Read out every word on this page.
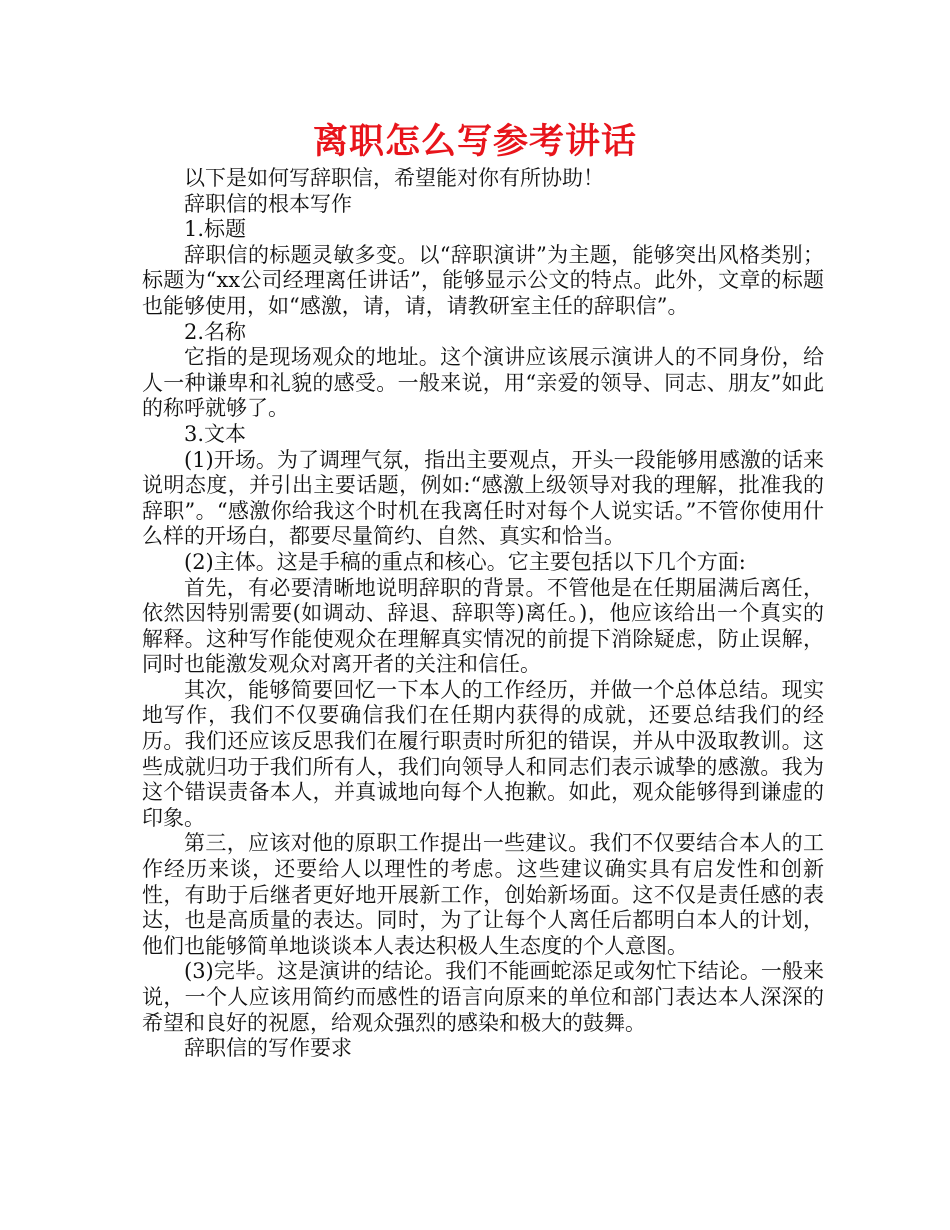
离职怎么写参考讲话

以下是如何写辞职信，希望能对你有所协助！

辞职信的根本写作

1.标题

辞职信的标题灵敏多变。以“辞职演讲”为主题，能够突出风格类别；标题为“xx公司经理离任讲话”，能够显示公文的特点。此外，文章的标题也能够使用，如“感激，请，请，请教研室主任的辞职信”。

2.名称

它指的是现场观众的地址。这个演讲应该展示演讲人的不同身份，给人一种谦卑和礼貌的感受。一般来说，用“亲爱的领导、同志、朋友”如此的称呼就够了。

3.文本

(1)开场。为了调理气氛，指出主要观点，开头一段能够用感激的话来说明态度，并引出主要话题，例如:“感激上级领导对我的理解，批准我的辞职”。“感激你给我这个时机在我离任时对每个人说实话。”不管你使用什么样的开场白，都要尽量简约、自然、真实和恰当。

(2)主体。这是手稿的重点和核心。它主要包括以下几个方面:

首先，有必要清晰地说明辞职的背景。不管他是在任期届满后离任，依然因特别需要(如调动、辞退、辞职等)离任。)，他应该给出一个真实的解释。这种写作能使观众在理解真实情况的前提下消除疑虑，防止误解，同时也能激发观众对离开者的关注和信任。

其次，能够简要回忆一下本人的工作经历，并做一个总体总结。现实地写作，我们不仅要确信我们在任期内获得的成就，还要总结我们的经历。我们还应该反思我们在履行职责时所犯的错误，并从中汲取教训。这些成就归功于我们所有人，我们向领导人和同志们表示诚挚的感激。我为这个错误责备本人，并真诚地向每个人抱歉。如此，观众能够得到谦虚的印象。

第三，应该对他的原职工作提出一些建议。我们不仅要结合本人的工作经历来谈，还要给人以理性的考虑。这些建议确实具有启发性和创新性，有助于后继者更好地开展新工作，创始新场面。这不仅是责任感的表达，也是高质量的表达。同时，为了让每个人离任后都明白本人的计划，他们也能够简单地谈谈本人表达积极人生态度的个人意图。

(3)完毕。这是演讲的结论。我们不能画蛇添足或匆忙下结论。一般来说，一个人应该用简约而感性的语言向原来的单位和部门表达本人深深的希望和良好的祝愿，给观众强烈的感染和极大的鼓舞。

辞职信的写作要求
